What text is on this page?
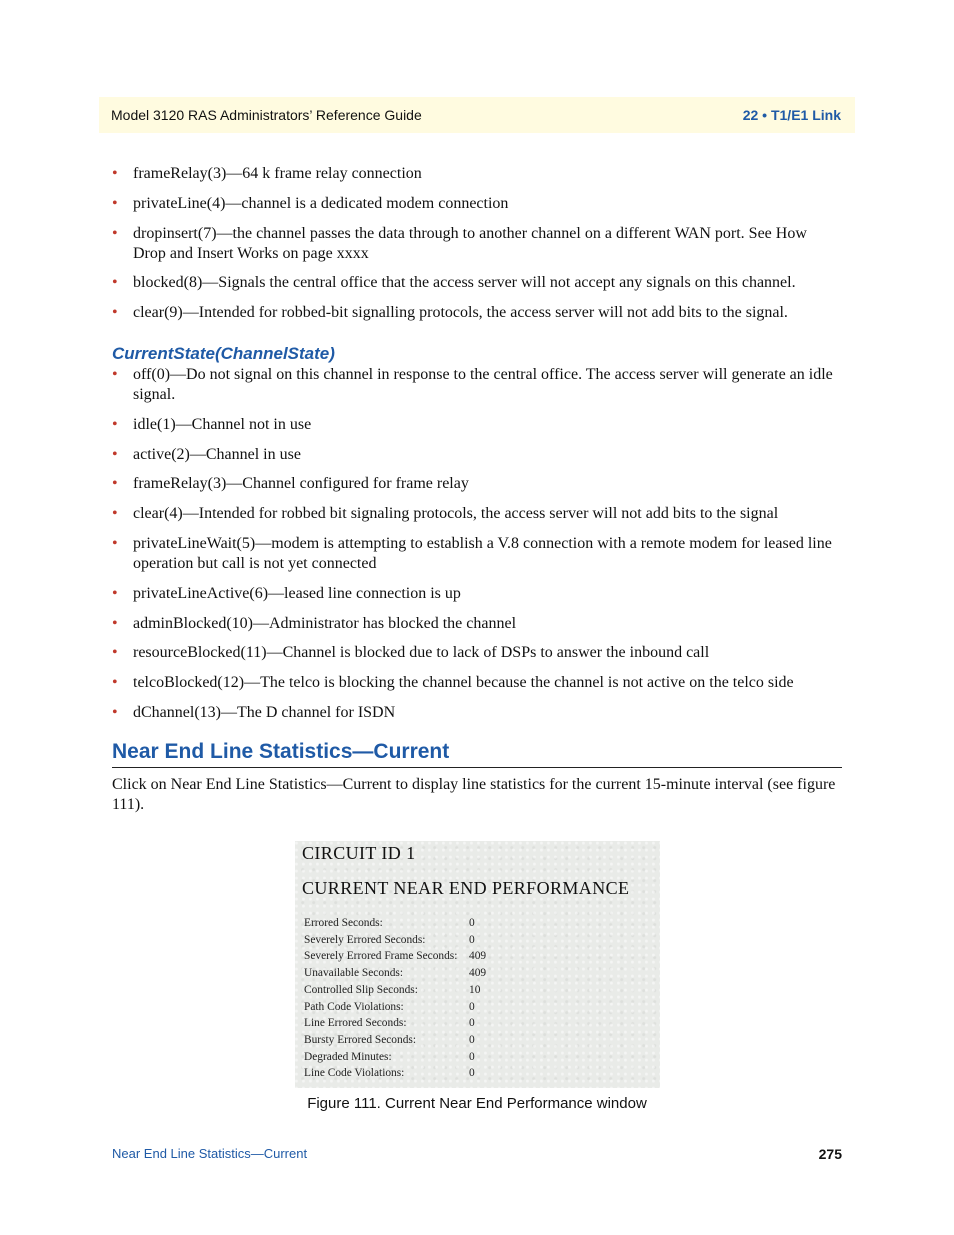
Model 3120 RAS Administrators’ Reference Guide	22 • T1/E1 Link
• frameRelay(3)—64 k frame relay connection
• privateLine(4)—channel is a dedicated modem connection
• dropinsert(7)—the channel passes the data through to another channel on a different WAN port. See How Drop and Insert Works on page xxxx
• blocked(8)—Signals the central office that the access server will not accept any signals on this channel.
• clear(9)—Intended for robbed-bit signalling protocols, the access server will not add bits to the signal.
CurrentState(ChannelState)
• off(0)—Do not signal on this channel in response to the central office. The access server will generate an idle signal.
• idle(1)—Channel not in use
• active(2)—Channel in use
• frameRelay(3)—Channel configured for frame relay
• clear(4)—Intended for robbed bit signaling protocols, the access server will not add bits to the signal
• privateLineWait(5)—modem is attempting to establish a V.8 connection with a remote modem for leased line operation but call is not yet connected
• privateLineActive(6)—leased line connection is up
• adminBlocked(10)—Administrator has blocked the channel
• resourceBlocked(11)—Channel is blocked due to lack of DSPs to answer the inbound call
• telcoBlocked(12)—The telco is blocking the channel because the channel is not active on the telco side
• dChannel(13)—The D channel for ISDN
Near End Line Statistics—Current
Click on Near End Line Statistics—Current to display line statistics for the current 15-minute interval (see figure 111).
CIRCUIT ID 1
CURRENT NEAR END PERFORMANCE
Errored Seconds:	0
Severely Errored Seconds:	0
Severely Errored Frame Seconds: 409
Unavailable Seconds:	409
Controlled Slip Seconds:	10
Path Code Violations:	0
Line Errored Seconds:	0
Bursty Errored Seconds:	0
Degraded Minutes:	0
Line Code Violations:	0
Figure 111. Current Near End Performance window
Near End Line Statistics—Current	275
